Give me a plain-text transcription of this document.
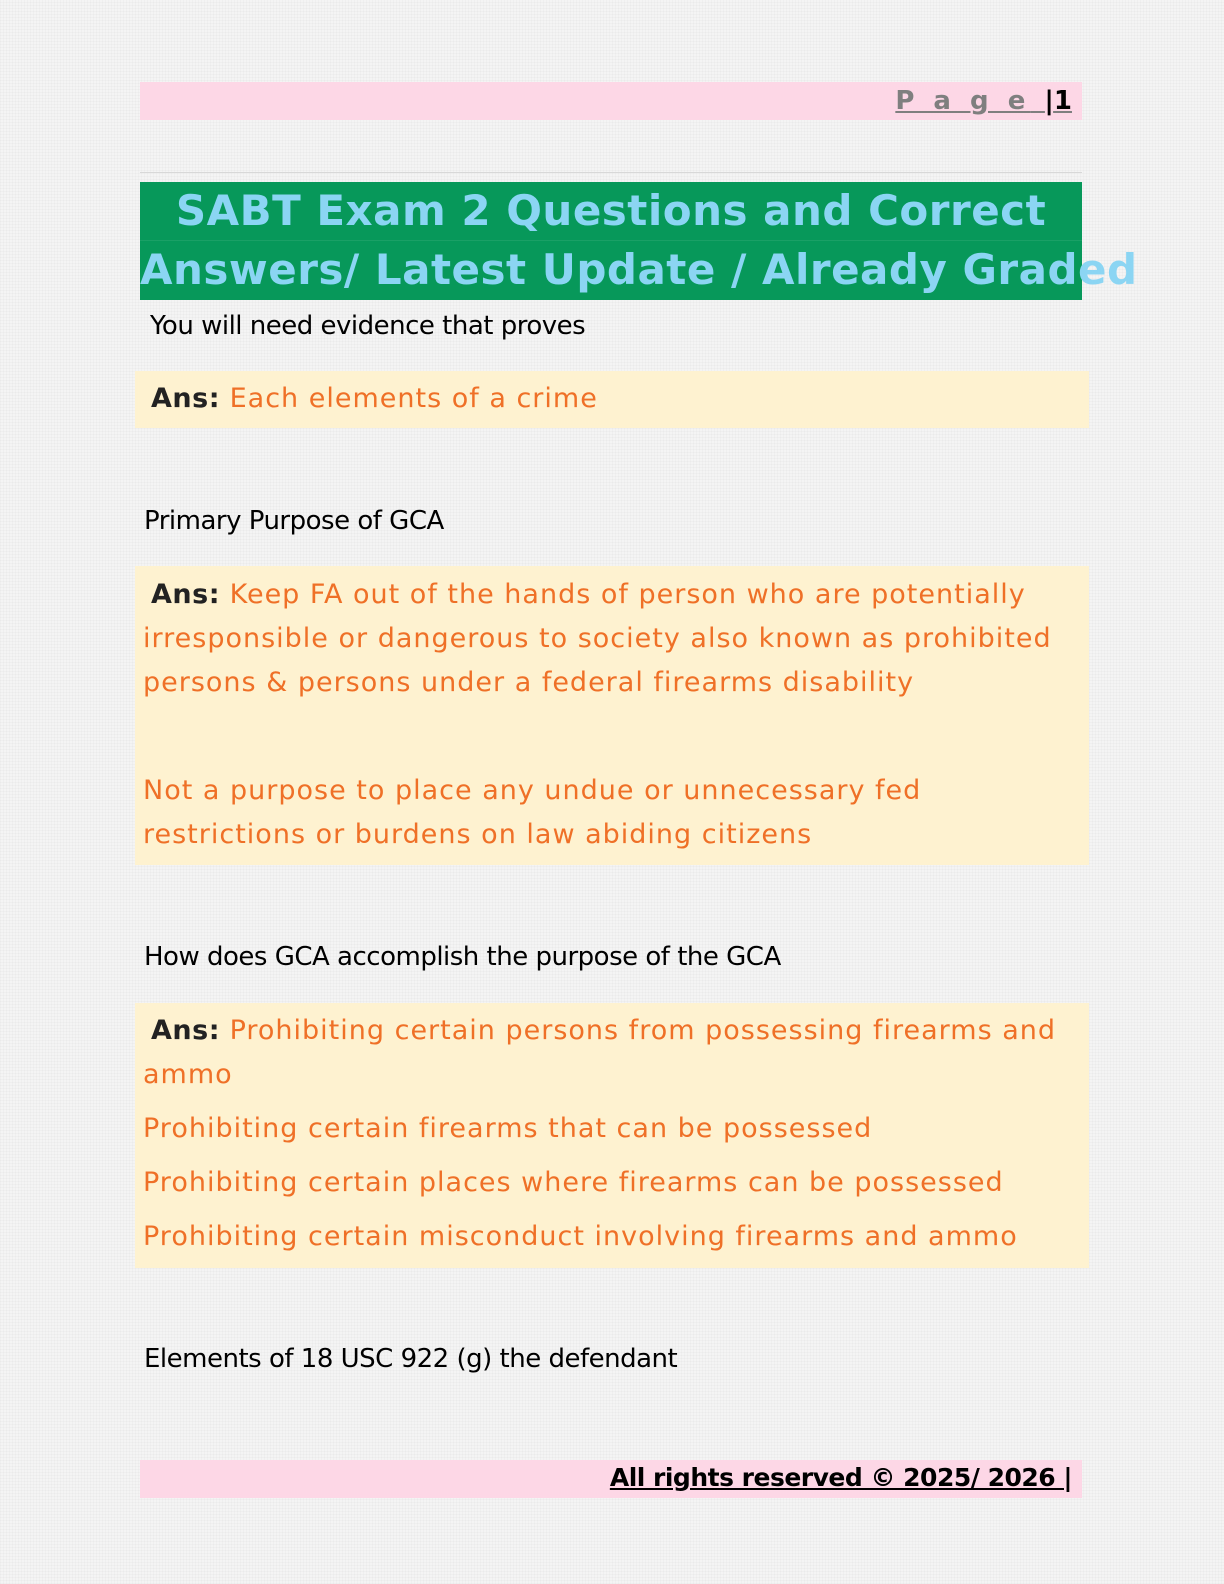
P a g e |1
SABT Exam 2 Questions and Correct
Answers/ Latest Update / Already Graded
You will need evidence that proves
Ans: Each elements of a crime
Primary Purpose of GCA
Ans: Keep FA out of the hands of person who are potentially
irresponsible or dangerous to society also known as prohibited
persons & persons under a federal firearms disability
Not a purpose to place any undue or unnecessary fed
restrictions or burdens on law abiding citizens
How does GCA accomplish the purpose of the GCA
Ans: Prohibiting certain persons from possessing firearms and
ammo
Prohibiting certain firearms that can be possessed
Prohibiting certain places where firearms can be possessed
Prohibiting certain misconduct involving firearms and ammo
Elements of 18 USC 922 (g) the defendant
All rights reserved © 2025/ 2026 |
